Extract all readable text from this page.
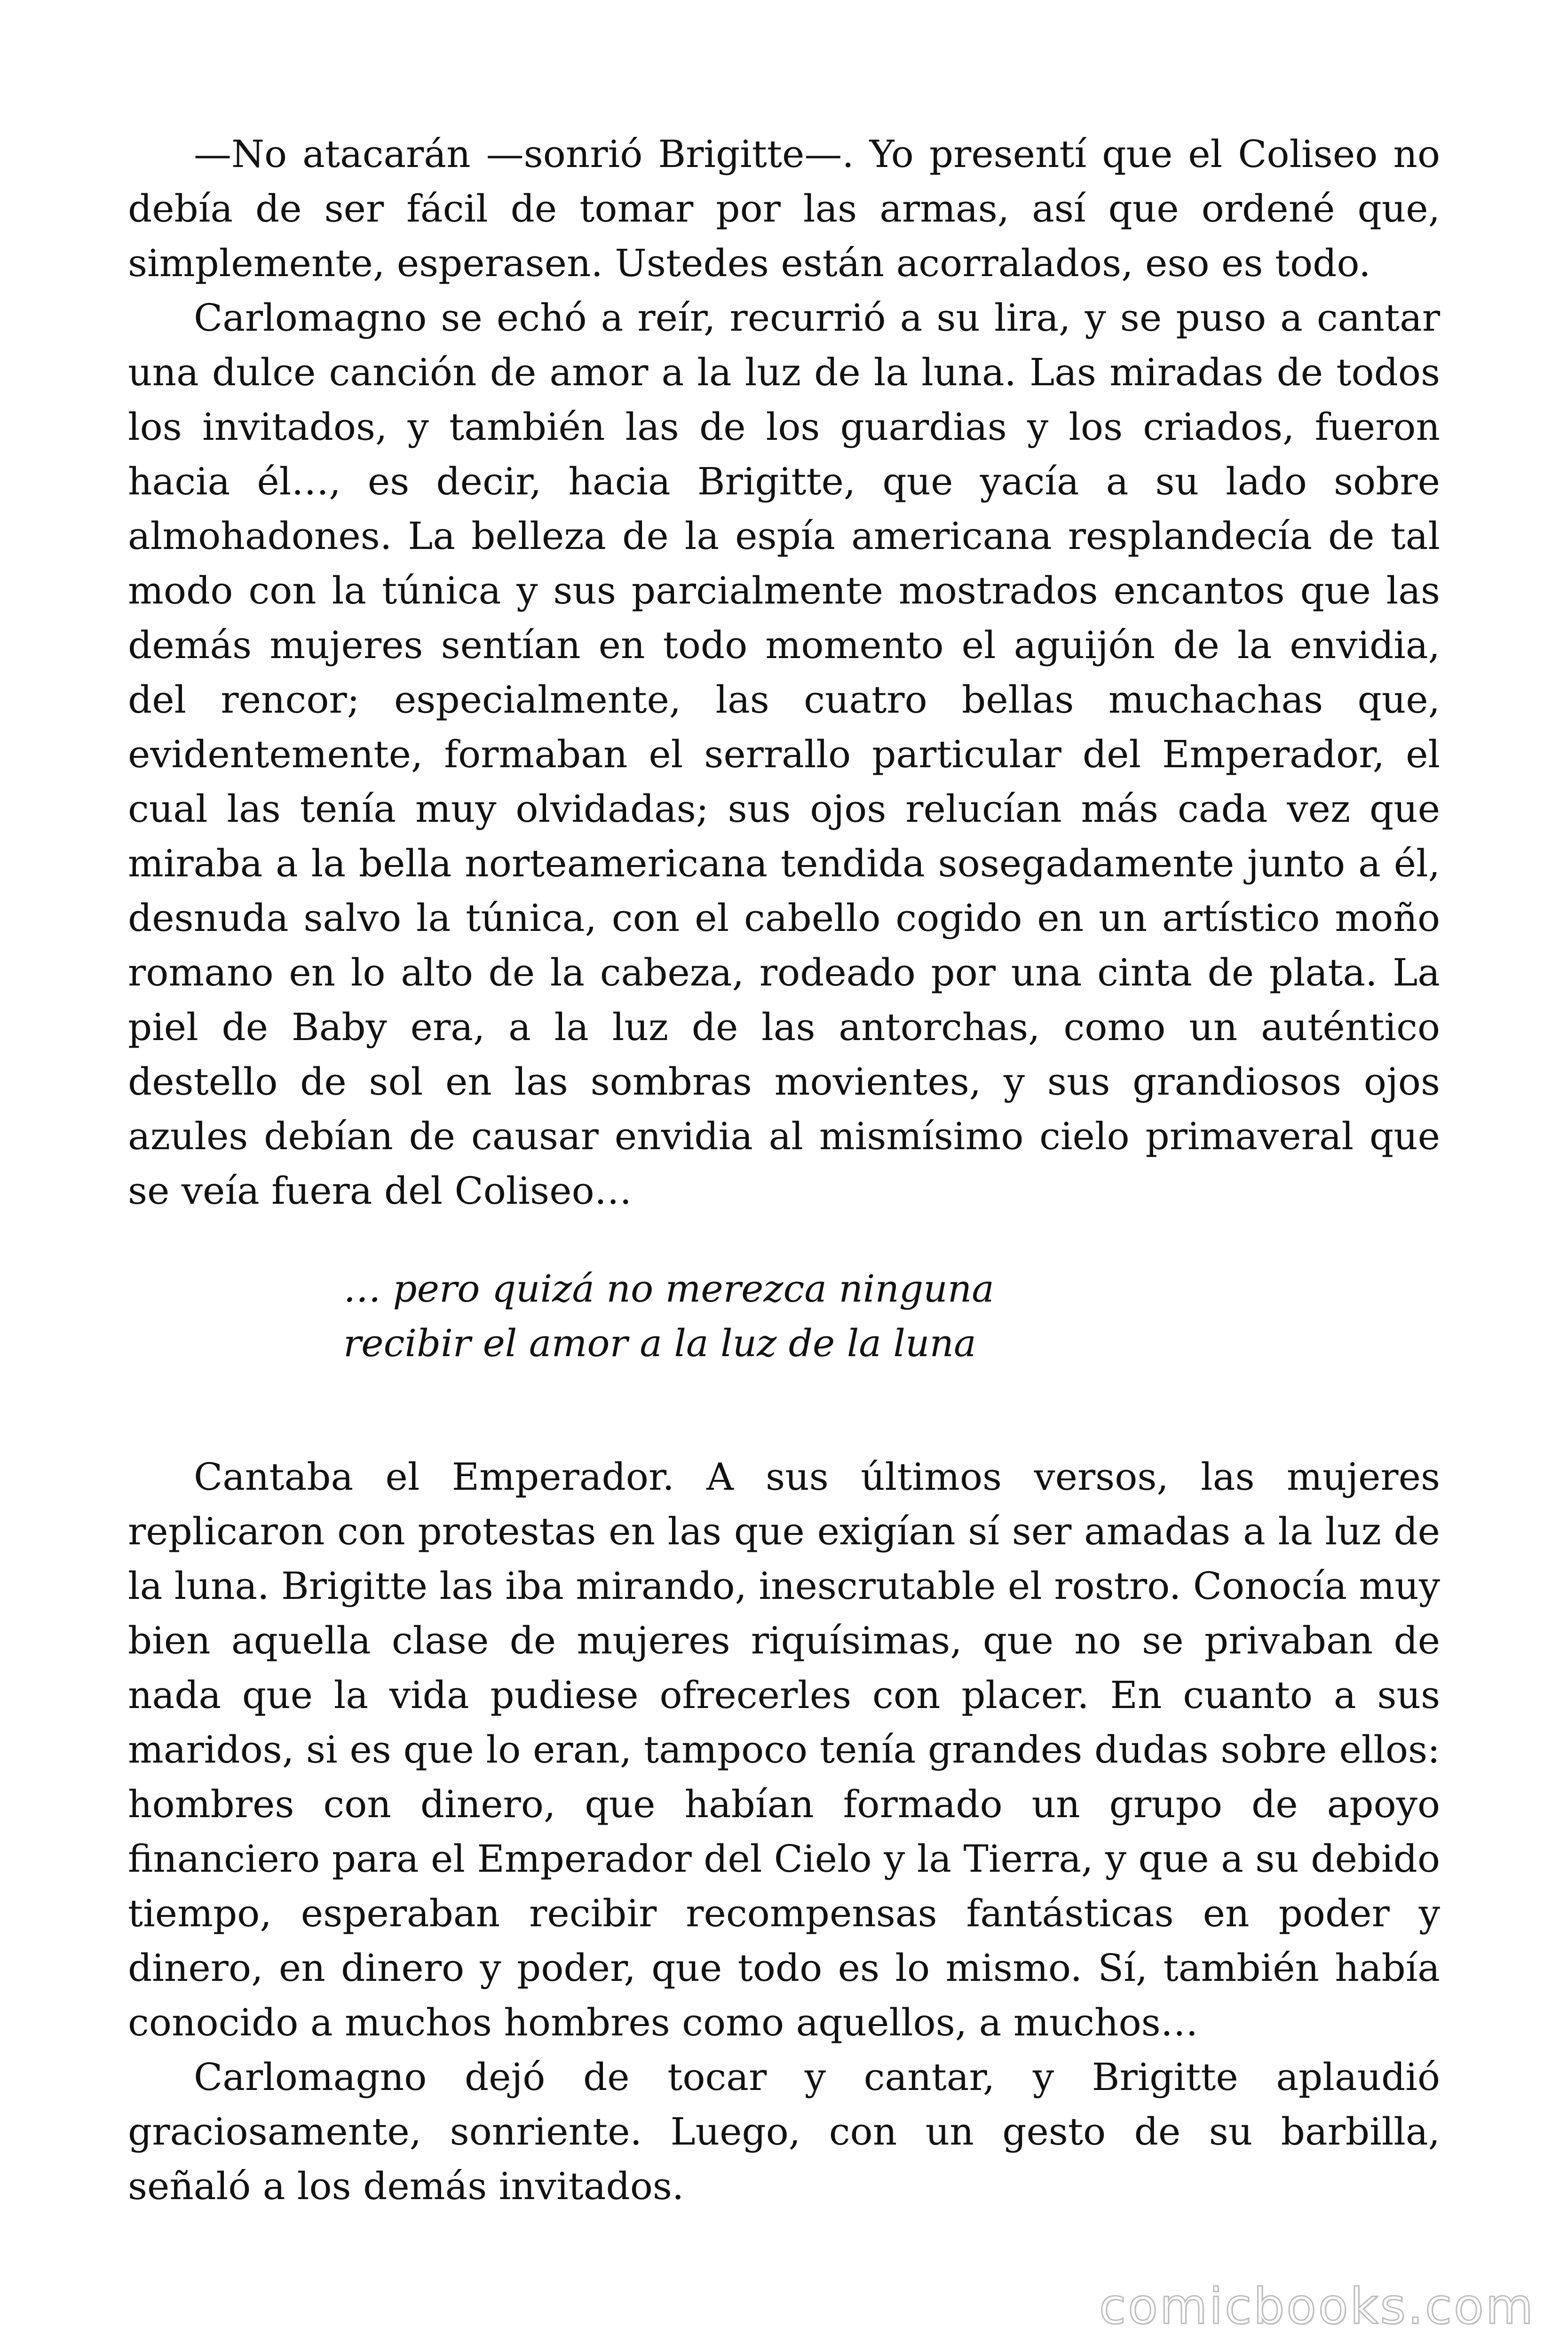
—No atacarán —sonrió Brigitte—. Yo presentí que el Coliseo no debía de ser fácil de tomar por las armas, así que ordené que, simplemente, esperasen. Ustedes están acorralados, eso es todo.

Carlomagno se echó a reír, recurrió a su lira, y se puso a cantar una dulce canción de amor a la luz de la luna. Las miradas de todos los invitados, y también las de los guardias y los criados, fueron hacia él…, es decir, hacia Brigitte, que yacía a su lado sobre almohadones. La belleza de la espía americana resplandecía de tal modo con la túnica y sus parcialmente mostrados encantos que las demás mujeres sentían en todo momento el aguijón de la envidia, del rencor; especialmente, las cuatro bellas muchachas que, evidentemente, formaban el serrallo particular del Emperador, el cual las tenía muy olvidadas; sus ojos relucían más cada vez que miraba a la bella norteamericana tendida sosegadamente junto a él, desnuda salvo la túnica, con el cabello cogido en un artístico moño romano en lo alto de la cabeza, rodeado por una cinta de plata. La piel de Baby era, a la luz de las antorchas, como un auténtico destello de sol en las sombras movientes, y sus grandiosos ojos azules debían de causar envidia al mismísimo cielo primaveral que se veía fuera del Coliseo…

… pero quizá no merezca ninguna
recibir el amor a la luz de la luna

Cantaba el Emperador. A sus últimos versos, las mujeres replicaron con protestas en las que exigían sí ser amadas a la luz de la luna. Brigitte las iba mirando, inescrutable el rostro. Conocía muy bien aquella clase de mujeres riquísimas, que no se privaban de nada que la vida pudiese ofrecerles con placer. En cuanto a sus maridos, si es que lo eran, tampoco tenía grandes dudas sobre ellos: hombres con dinero, que habían formado un grupo de apoyo financiero para el Emperador del Cielo y la Tierra, y que a su debido tiempo, esperaban recibir recompensas fantásticas en poder y dinero, en dinero y poder, que todo es lo mismo. Sí, también había conocido a muchos hombres como aquellos, a muchos…

Carlomagno dejó de tocar y cantar, y Brigitte aplaudió graciosamente, sonriente. Luego, con un gesto de su barbilla, señaló a los demás invitados.

comicbooks.com
